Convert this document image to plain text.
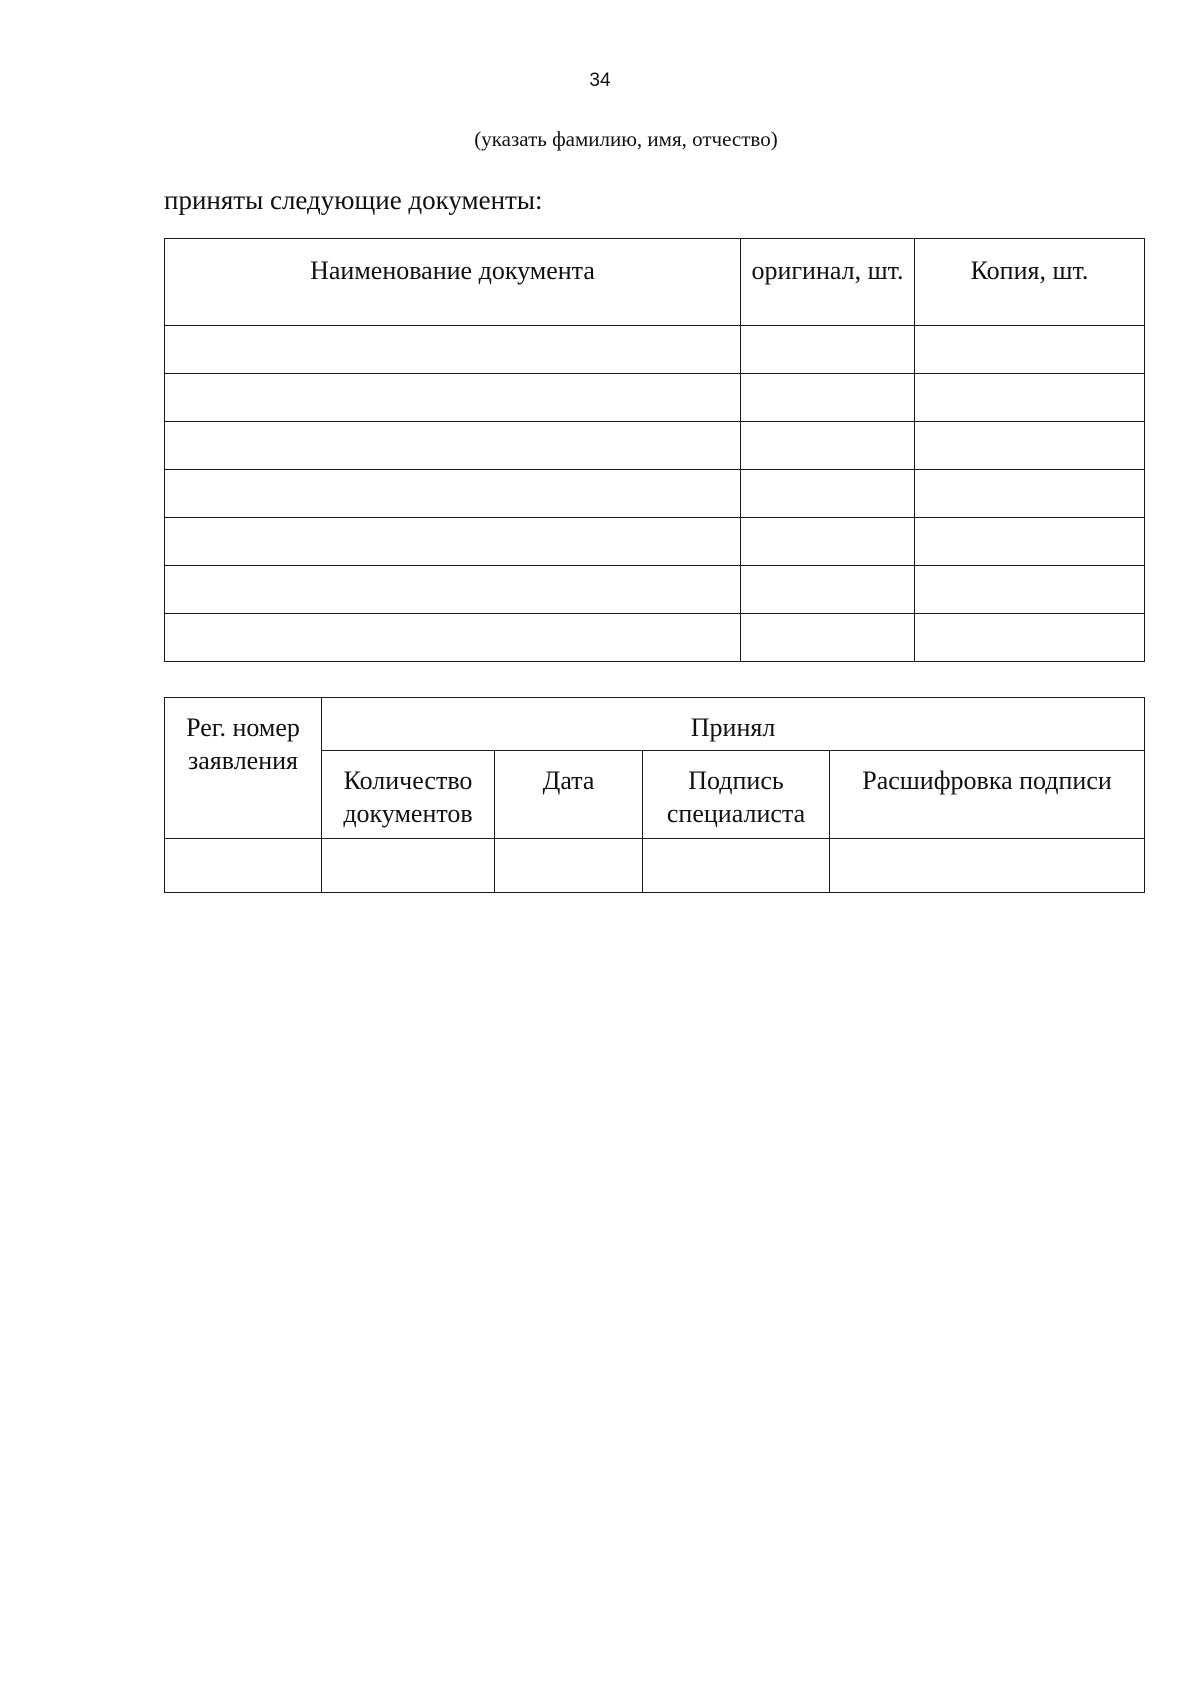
34
(указать фамилию, имя, отчество)
приняты следующие документы:
Наименование документа	оригинал, шт.	Копия, шт.

Рег. номер заявления	Принял			

	Количество документов	Дата	Подпись специалиста	Расшифровка подписи
